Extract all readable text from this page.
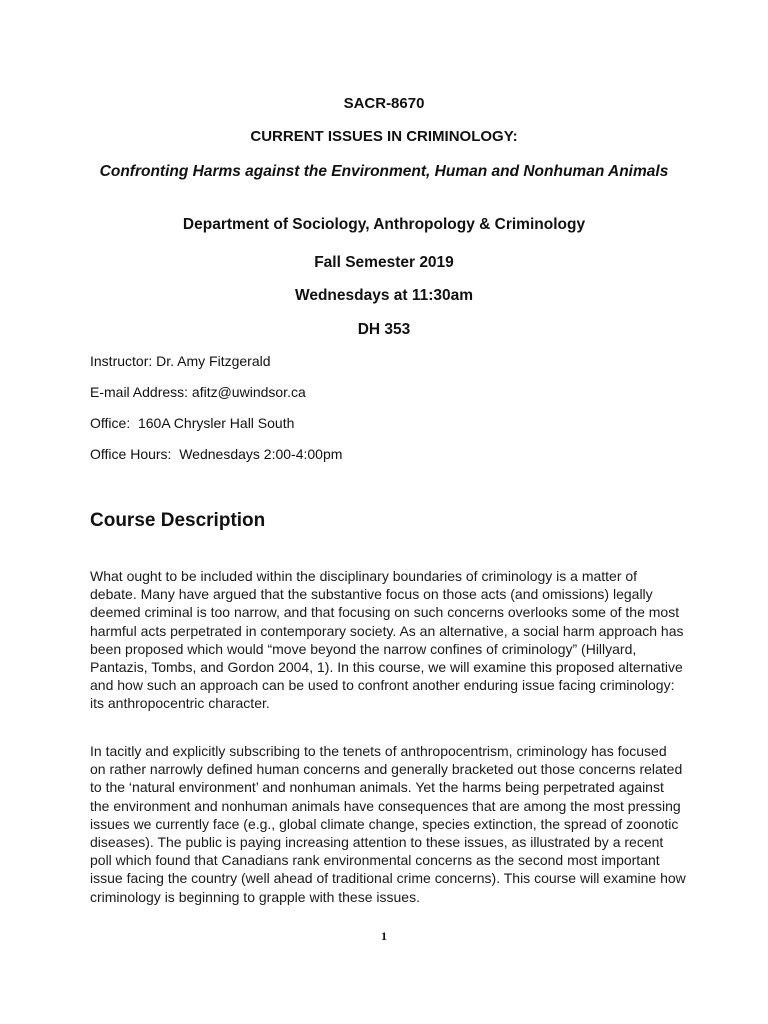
SACR-8670
CURRENT ISSUES IN CRIMINOLOGY:
Confronting Harms against the Environment, Human and Nonhuman Animals
Department of Sociology, Anthropology & Criminology
Fall Semester 2019
Wednesdays at 11:30am
DH 353
Instructor: Dr. Amy Fitzgerald
E-mail Address: afitz@uwindsor.ca
Office:  160A Chrysler Hall South
Office Hours:  Wednesdays 2:00-4:00pm
Course Description

What ought to be included within the disciplinary boundaries of criminology is a matter of debate. Many have argued that the substantive focus on those acts (and omissions) legally deemed criminal is too narrow, and that focusing on such concerns overlooks some of the most harmful acts perpetrated in contemporary society. As an alternative, a social harm approach has been proposed which would “move beyond the narrow confines of criminology” (Hillyard, Pantazis, Tombs, and Gordon 2004, 1). In this course, we will examine this proposed alternative and how such an approach can be used to confront another enduring issue facing criminology: its anthropocentric character.

In tacitly and explicitly subscribing to the tenets of anthropocentrism, criminology has focused on rather narrowly defined human concerns and generally bracketed out those concerns related to the ‘natural environment’ and nonhuman animals. Yet the harms being perpetrated against the environment and nonhuman animals have consequences that are among the most pressing issues we currently face (e.g., global climate change, species extinction, the spread of zoonotic diseases). The public is paying increasing attention to these issues, as illustrated by a recent poll which found that Canadians rank environmental concerns as the second most important issue facing the country (well ahead of traditional crime concerns). This course will examine how criminology is beginning to grapple with these issues.

1
